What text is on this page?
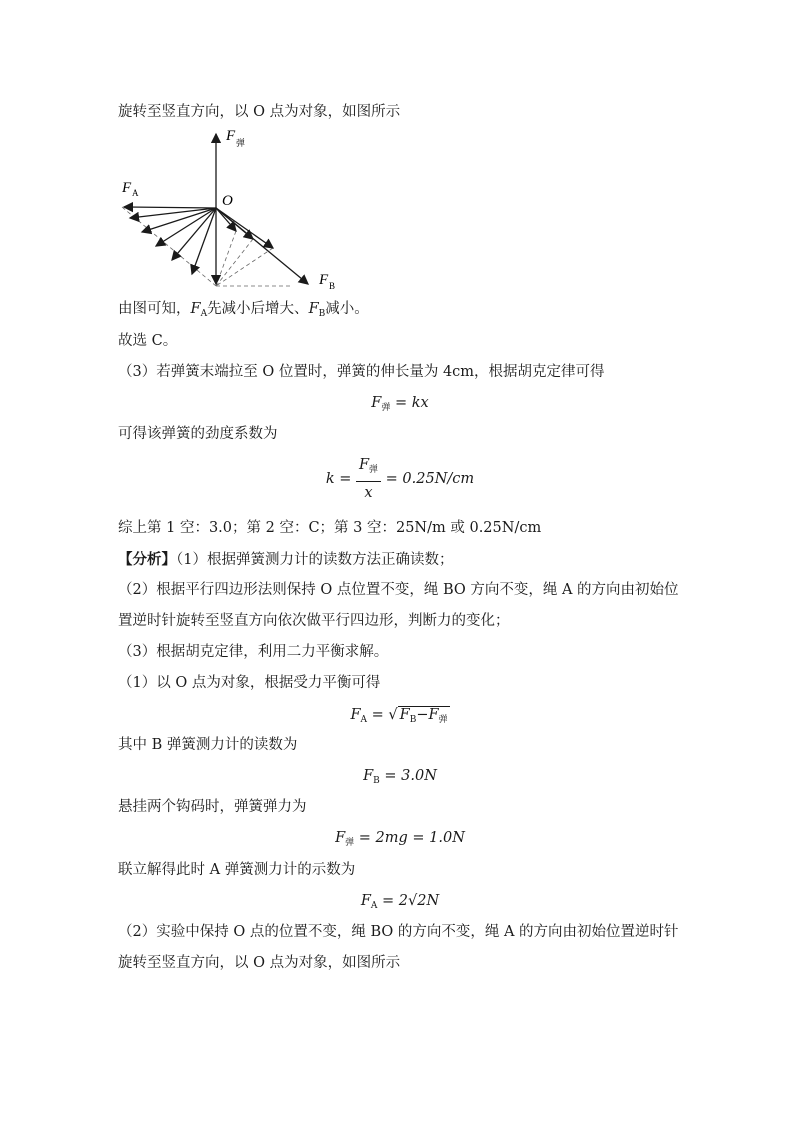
旋转至竖直方向，以 O 点为对象，如图所示
F 弹
F A	O
F B
由图可知，$F_A$先减小后增大、$F_B$减小。
故选 C。
（3）若弹簧末端拉至 O 位置时，弹簧的伸长量为 4cm，根据胡克定律可得
$F_弹$ = kx
可得该弹簧的劲度系数为
$k = \frac{F_弹}{x} = 0.25N/cm$
综上第 1 空：3.0；第 2 空：C；第 3 空：25N/m 或 0.25N/cm
【分析】（1）根据弹簧测力计的读数方法正确读数；
（2）根据平行四边形法则保持 O 点位置不变，绳 BO 方向不变，绳 A 的方向由初始位
置逆时针旋转至竖直方向依次做平行四边形，判断力的变化；
（3）根据胡克定律，利用二力平衡求解。
（1）以 O 点为对象，根据受力平衡可得
$F_A$ = √ $F_B-F_弹$
其中 B 弹簧测力计的读数为
$F_B = 3.0N$
悬挂两个钩码时，弹簧弹力为
$F_弹 = 2mg = 1.0N$
联立解得此时 A 弹簧测力计的示数为
$F_A = 2√2N$
（2）实验中保持 O 点的位置不变，绳 BO 的方向不变，绳 A 的方向由初始位置逆时针
旋转至竖直方向，以 O 点为对象，如图所示
